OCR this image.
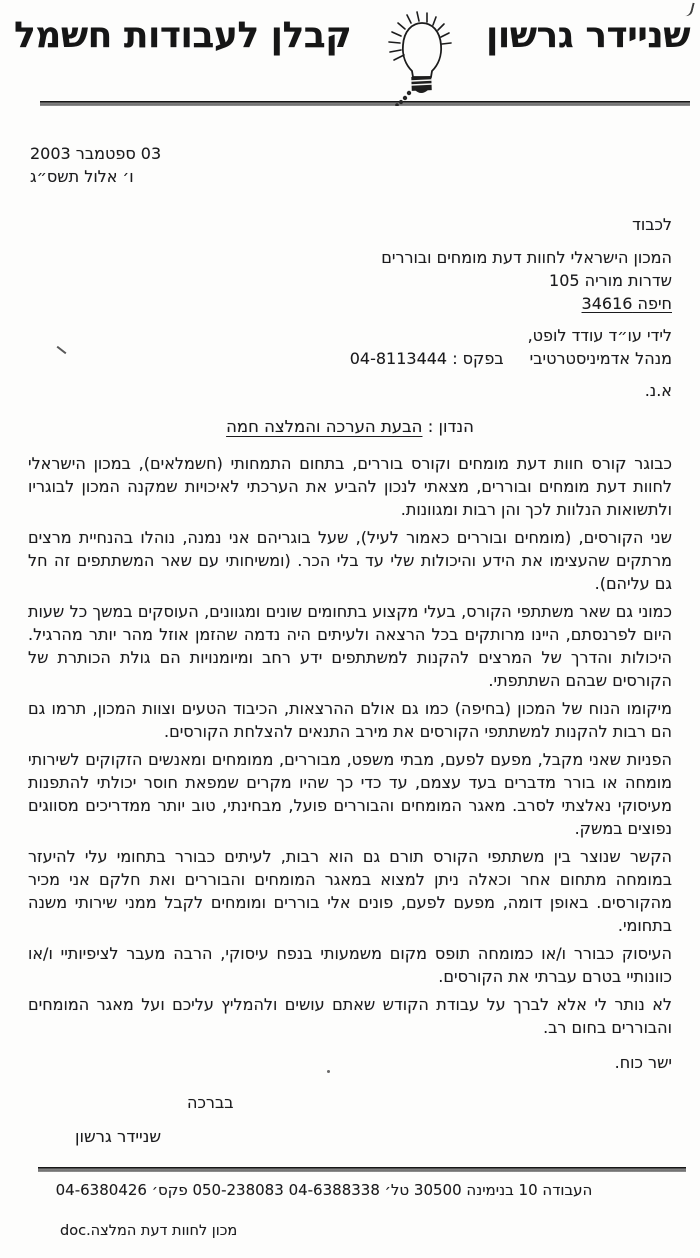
שניידר גרשון
קבלן לעבודות חשמל
03 ספטמבר 2003
ו׳ אלול תשס״ג
לכבוד
המכון הישראלי לחוות דעת מומחים ובוררים
שדרות מוריה 105
חיפה 34616
לידי עו״ד עודד לופט,
מנהל אדמיניסטרטיביבפקס : 04-8113444
א.נ.
הנדון : הבעת הערכה והמלצה חמה

כבוגר קורס חוות דעת מומחים וקורס בוררים, בתחום התמחותי (חשמלאים), במכון הישראלי לחוות דעת מומחים ובוררים, מצאתי לנכון להביע את הערכתי לאיכויות שמקנה המכון לבוגריו ולתשואות הנלוות לכך והן רבות ומגוונות.

שני הקורסים, (מומחים ובוררים כאמור לעיל), שעל בוגריהם אני נמנה, נוהלו בהנחיית מרצים מרתקים שהעצימו את הידע והיכולות שלי עד בלי הכר. (ומשיחותי עם שאר המשתתפים זה חל גם עליהם).

כמוני גם שאר משתתפי הקורס, בעלי מקצוע בתחומים שונים ומגוונים, העוסקים במשך כל שעות היום לפרנסתם, היינו מרותקים בכל הרצאה ולעיתים היה נדמה שהזמן אוזל מהר יותר מהרגיל. היכולות והדרך של המרצים להקנות למשתתפים ידע רחב ומיומנויות הם גולת הכותרת של הקורסים שבהם השתתפתי.

מיקומו הנוח של המכון (בחיפה) כמו גם אולם ההרצאות, הכיבוד הטעים וצוות המכון, תרמו גם הם רבות להקנות למשתתפי הקורסים את מירב התנאים להצלחת הקורסים.

הפניות שאני מקבל, מפעם לפעם, מבתי משפט, מבוררים, ממומחים ומאנשים הזקוקים לשירותי מומחה או בורר מדברים בעד עצמם, עד כדי כך שהיו מקרים שמפאת חוסר יכולתי להתפנות מעיסוקי נאלצתי לסרב. מאגר המומחים והבוררים פועל, מבחינתי, טוב יותר ממדריכים מסווגים נפוצים במשק.

הקשר שנוצר בין משתתפי הקורס תורם גם הוא רבות, לעיתים כבורר בתחומי עלי להיעזר במומחה מתחום אחר וכאלה ניתן למצוא במאגר המומחים והבוררים ואת חלקם אני מכיר מהקורסים. באופן דומה, מפעם לפעם, פונים אלי בוררים ומומחים לקבל ממני שירותי משנה בתחומי.

העיסוק כבורר ו/או כמומחה תופס מקום משמעותי בנפח עיסוקי, הרבה מעבר לציפיותיי ו/או כוונותיי בטרם עברתי את הקורסים.

לא נותר לי אלא לברך על עבודת הקודש שאתם עושים ולהמליץ עליכם ועל מאגר המומחים והבוררים בחום רב.

ישר כוח.
בברכה
שניידר גרשון
העבודה 10 בנימינה 30500 טל׳ 04-6388338 050-238083 פקס׳ 04-6380426
מכון לחוות דעת המלצה.doc
